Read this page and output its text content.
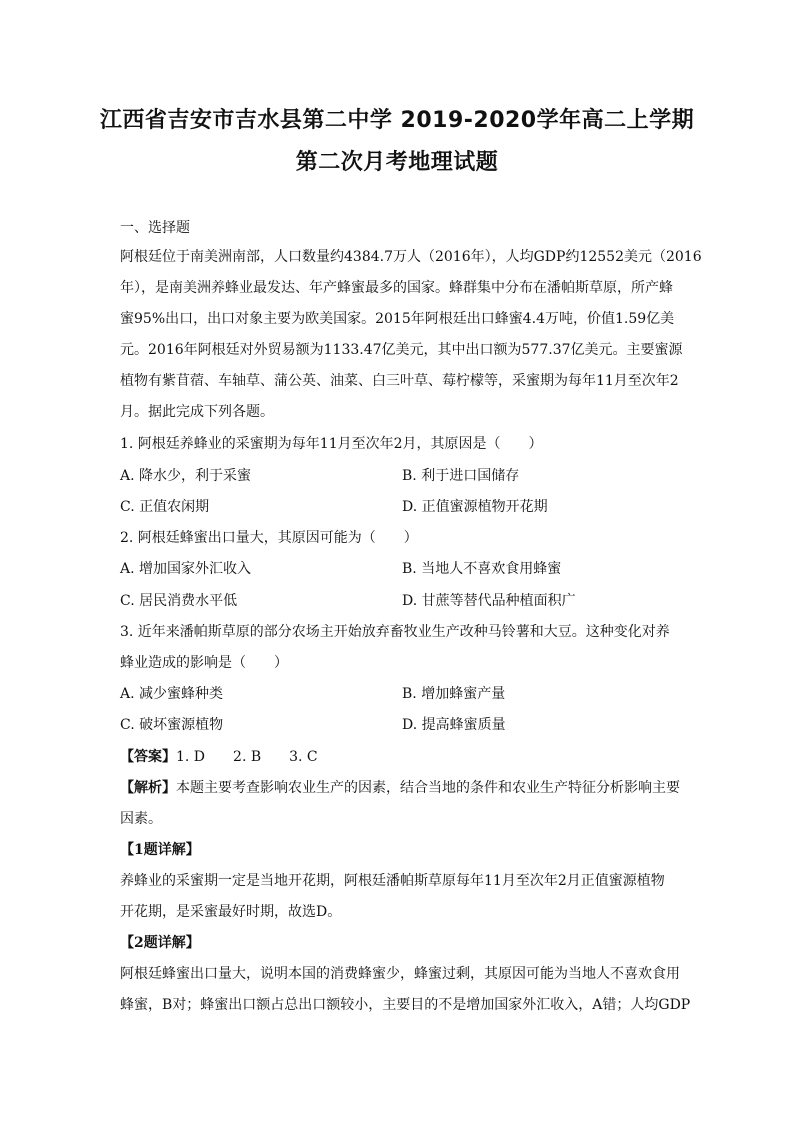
江西省吉安市吉水县第二中学 2019-2020学年高二上学期
第二次月考地理试题
一、选择题
阿根廷位于南美洲南部，人口数量约4384.7万人（2016年），人均GDP约12552美元（2016
年），是南美洲养蜂业最发达、年产蜂蜜最多的国家。蜂群集中分布在潘帕斯草原，所产蜂
蜜95%出口，出口对象主要为欧美国家。2015年阿根廷出口蜂蜜4.4万吨，价值1.59亿美
元。2016年阿根廷对外贸易额为1133.47亿美元，其中出口额为577.37亿美元。主要蜜源
植物有紫苜蓿、车轴草、蒲公英、油菜、白三叶草、莓柠檬等，采蜜期为每年11月至次年2
月。据此完成下列各题。
1. 阿根廷养蜂业的采蜜期为每年11月至次年2月，其原因是（　　）
A. 降水少，利于采蜜	B. 利于进口国储存
C. 正值农闲期	D. 正值蜜源植物开花期
2. 阿根廷蜂蜜出口量大，其原因可能为（　　）
A. 增加国家外汇收入	B. 当地人不喜欢食用蜂蜜
C. 居民消费水平低	D. 甘蔗等替代品种植面积广
3. 近年来潘帕斯草原的部分农场主开始放弃畜牧业生产改种马铃薯和大豆。这种变化对养
蜂业造成的影响是（　　）
A. 减少蜜蜂种类	B. 增加蜂蜜产量
C. 破坏蜜源植物	D. 提高蜂蜜质量
【答案】1. D　　2. B　　3. C
【解析】本题主要考查影响农业生产的因素，结合当地的条件和农业生产特征分析影响主要
因素。
【1题详解】
养蜂业的采蜜期一定是当地开花期，阿根廷潘帕斯草原每年11月至次年2月正值蜜源植物
开花期，是采蜜最好时期，故选D。
【2题详解】
阿根廷蜂蜜出口量大，说明本国的消费蜂蜜少，蜂蜜过剩，其原因可能为当地人不喜欢食用
蜂蜜，B对；蜂蜜出口额占总出口额较小，主要目的不是增加国家外汇收入，A错；人均GDP
